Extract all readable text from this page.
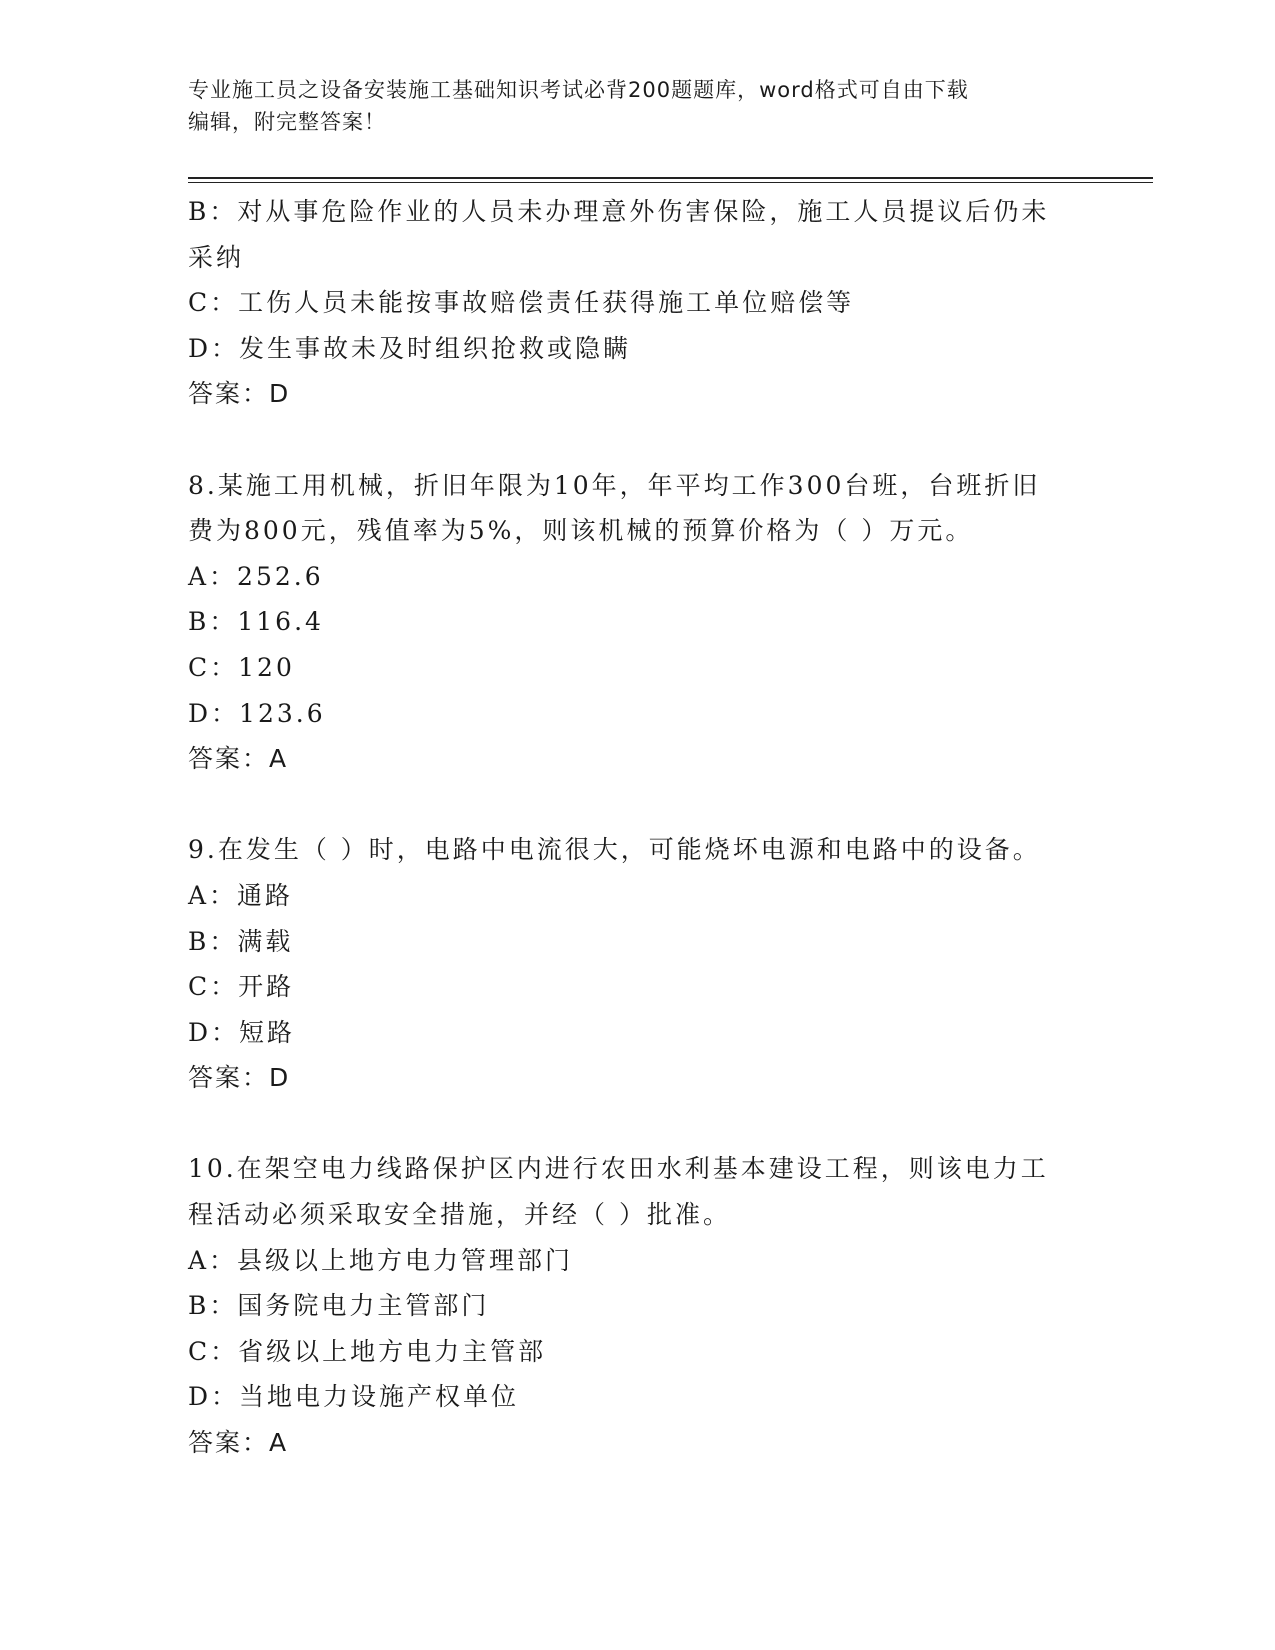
专业施工员之设备安装施工基础知识考试必背200题题库，word格式可自由下载
编辑，附完整答案！
B：对从事危险作业的人员未办理意外伤害保险，施工人员提议后仍未
采纳
C：工伤人员未能按事故赔偿责任获得施工单位赔偿等
D：发生事故未及时组织抢救或隐瞒
答案：D
8.某施工用机械，折旧年限为10年，年平均工作300台班，台班折旧
费为800元，残值率为5%，则该机械的预算价格为（ ）万元。
A：252.6
B：116.4
C：120
D：123.6
答案：A
9.在发生（ ）时，电路中电流很大，可能烧坏电源和电路中的设备。
A：通路
B：满载
C：开路
D：短路
答案：D
10.在架空电力线路保护区内进行农田水利基本建设工程，则该电力工
程活动必须采取安全措施，并经（ ）批准。
A：县级以上地方电力管理部门
B：国务院电力主管部门
C：省级以上地方电力主管部
D：当地电力设施产权单位
答案：A
